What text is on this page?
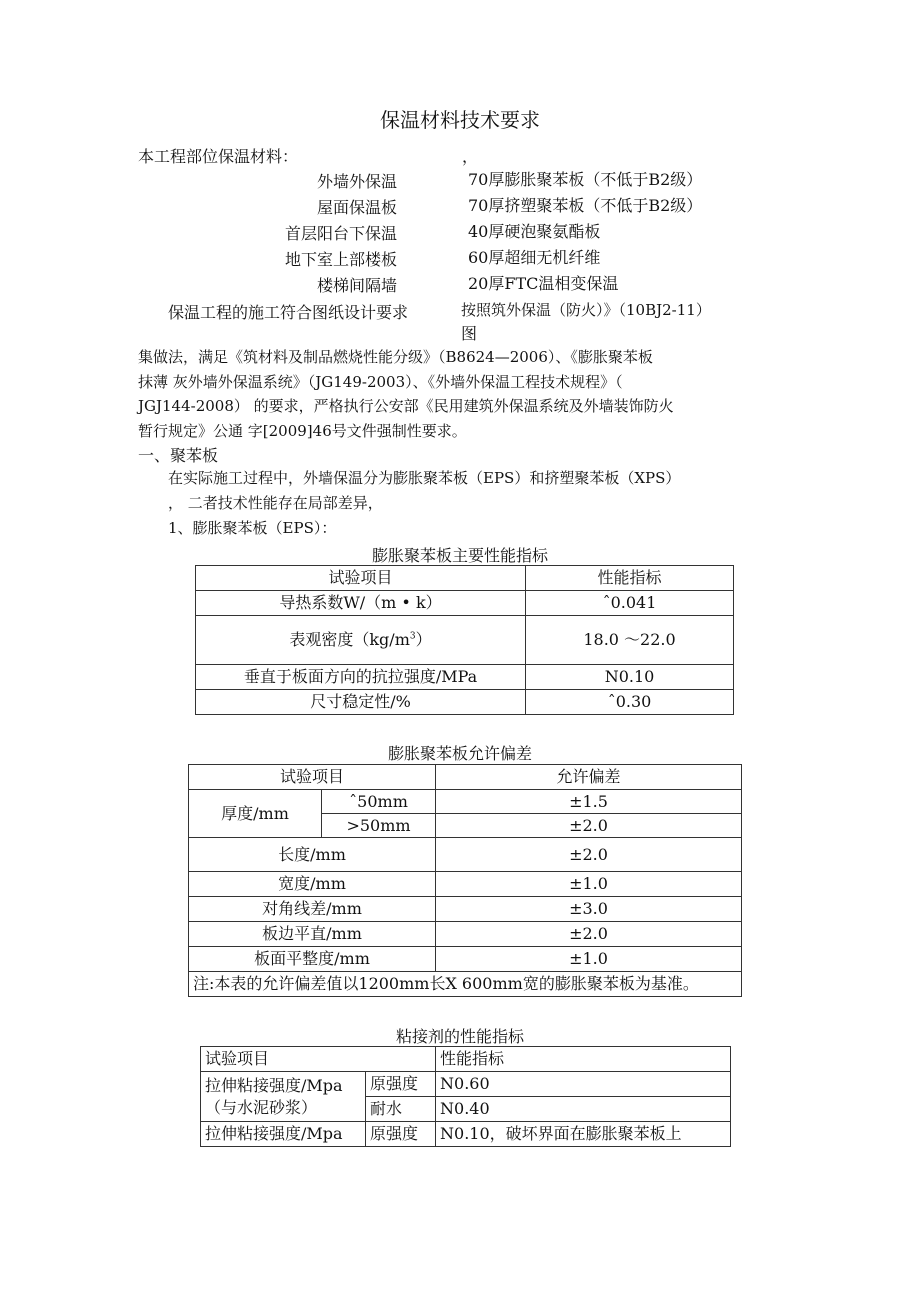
保温材料技术要求
本工程部位保温材料：	，
外墙外保温	70厚膨胀聚苯板（不低于B2级）
屋面保温板	70厚挤塑聚苯板（不低于B2级）
首层阳台下保温	40厚硬泡聚氨酯板
地下室上部楼板	60厚超细无机纤维
楼梯间隔墙	20厚FTC温相变保温
保温工程的施工符合图纸设计要求	按照筑外保温（防火）》（10BJ2-11）
图
集做法，满足《筑材料及制品燃烧性能分级》（B8624—2006）、《膨胀聚苯板
抹薄 灰外墙外保温系统》（JG149-2003）、《外墙外保温工程技术规程》（
JGJ144-2008） 的要求，严格执行公安部《民用建筑外保温系统及外墙装饰防火
暂行规定》公通 字[2009]46号文件强制性要求。
一、聚苯板
在实际施工过程中，外墙保温分为膨胀聚苯板（EPS）和挤塑聚苯板（XPS）
， 二者技术性能存在局部差异，
1、膨胀聚苯板（EPS）：
膨胀聚苯板主要性能指标
试验项目	性能指标
导热系数W/（m • k）	ˆ0.041
表观密度$(kg/m^3)$	18.0 ～22.0
垂直于板面方向的抗拉强度/MPa	N0.10
尺寸稳定性/%	ˆ0.30
膨胀聚苯板允许偏差
试验项目		允许偏差
厚度/mm	ˆ50mm	±1.5
	>50mm	±2.0
长度/mm		±2.0
宽度/mm		±1.0
对角线差/mm		±3.0
板边平直/mm		±2.0
板面平整度/mm		±1.0
注:本表的允许偏差值以1200mm长X 600mm宽的膨胀聚苯板为基准。		
粘接剂的性能指标
试验项目		性能指标

拉伸粘接强度/Mpa
（与水泥砂浆）	原强度	N0.60
	耐水	N0.40
拉伸粘接强度/Mpa	原强度	N0.10，破坏界面在膨胀聚苯板上
